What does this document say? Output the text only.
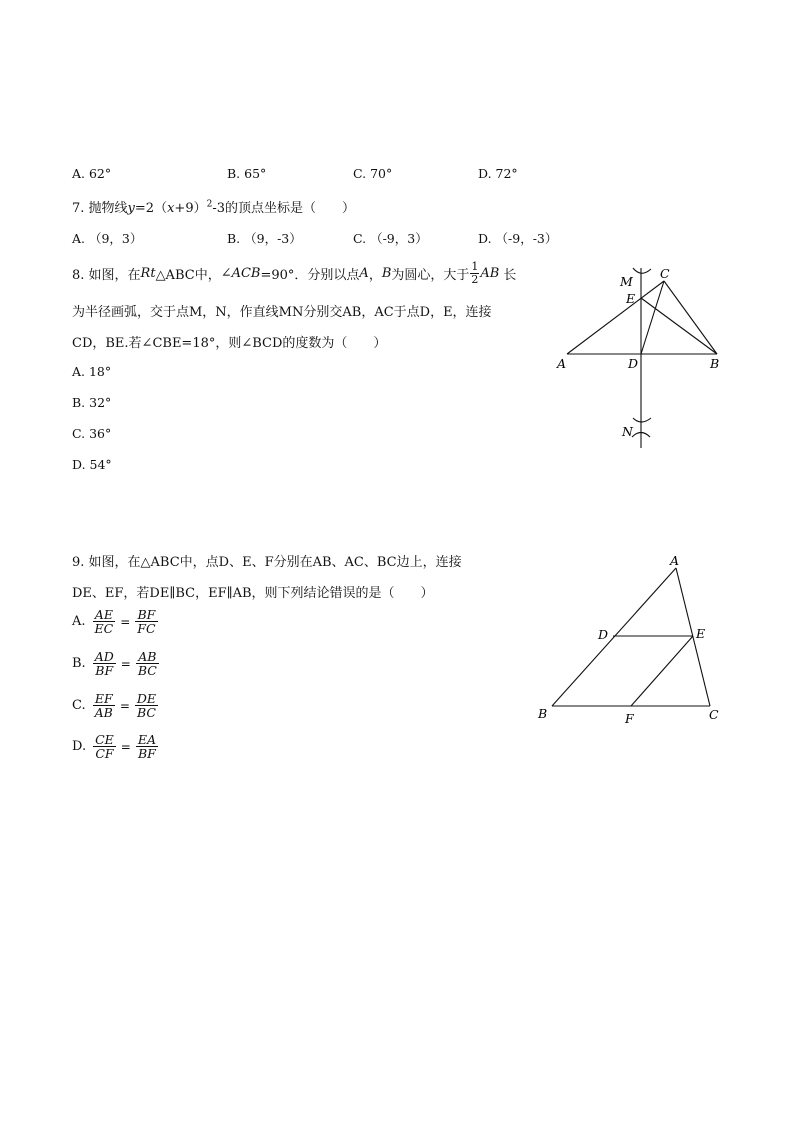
A. 62°	B. 65°	C. 70°	D. 72°
7. 抛物线$y=2(x+9)^2-3$的顶点坐标是（　　）
A. （9，3）	B. （9，-3）	C. （-9，3）	D. （-9，-3）
8. 如图，在 Rt △ABC中， ∠ACB =90°．分别以点 A ， B 为圆心，大于 $\frac{1}{2}$ AB 长
为半径画弧，交于点M，N，作直线MN分别交AB，AC于点D，E，连接
CD，BE.若∠CBE=18°，则∠BCD的度数为（　　）
A. 18°
B. 32°
C. 36°
D. 54°
M
C
E
A	D	B
N
9. 如图，在△ABC中，点D、E、F分别在AB、AC、BC边上，连接
DE、EF，若DE∥BC，EF∥AB，则下列结论错误的是（　　）
A. $\frac{AE}{EC} = \frac{BF}{FC}$
B. $\frac{AD}{BF} = \frac{AB}{BC}$
C. $\frac{EF}{AB} = \frac{DE}{BC}$
D. $\frac{CE}{CF} = \frac{EA}{BF}$
A
D	E
B	F	C
